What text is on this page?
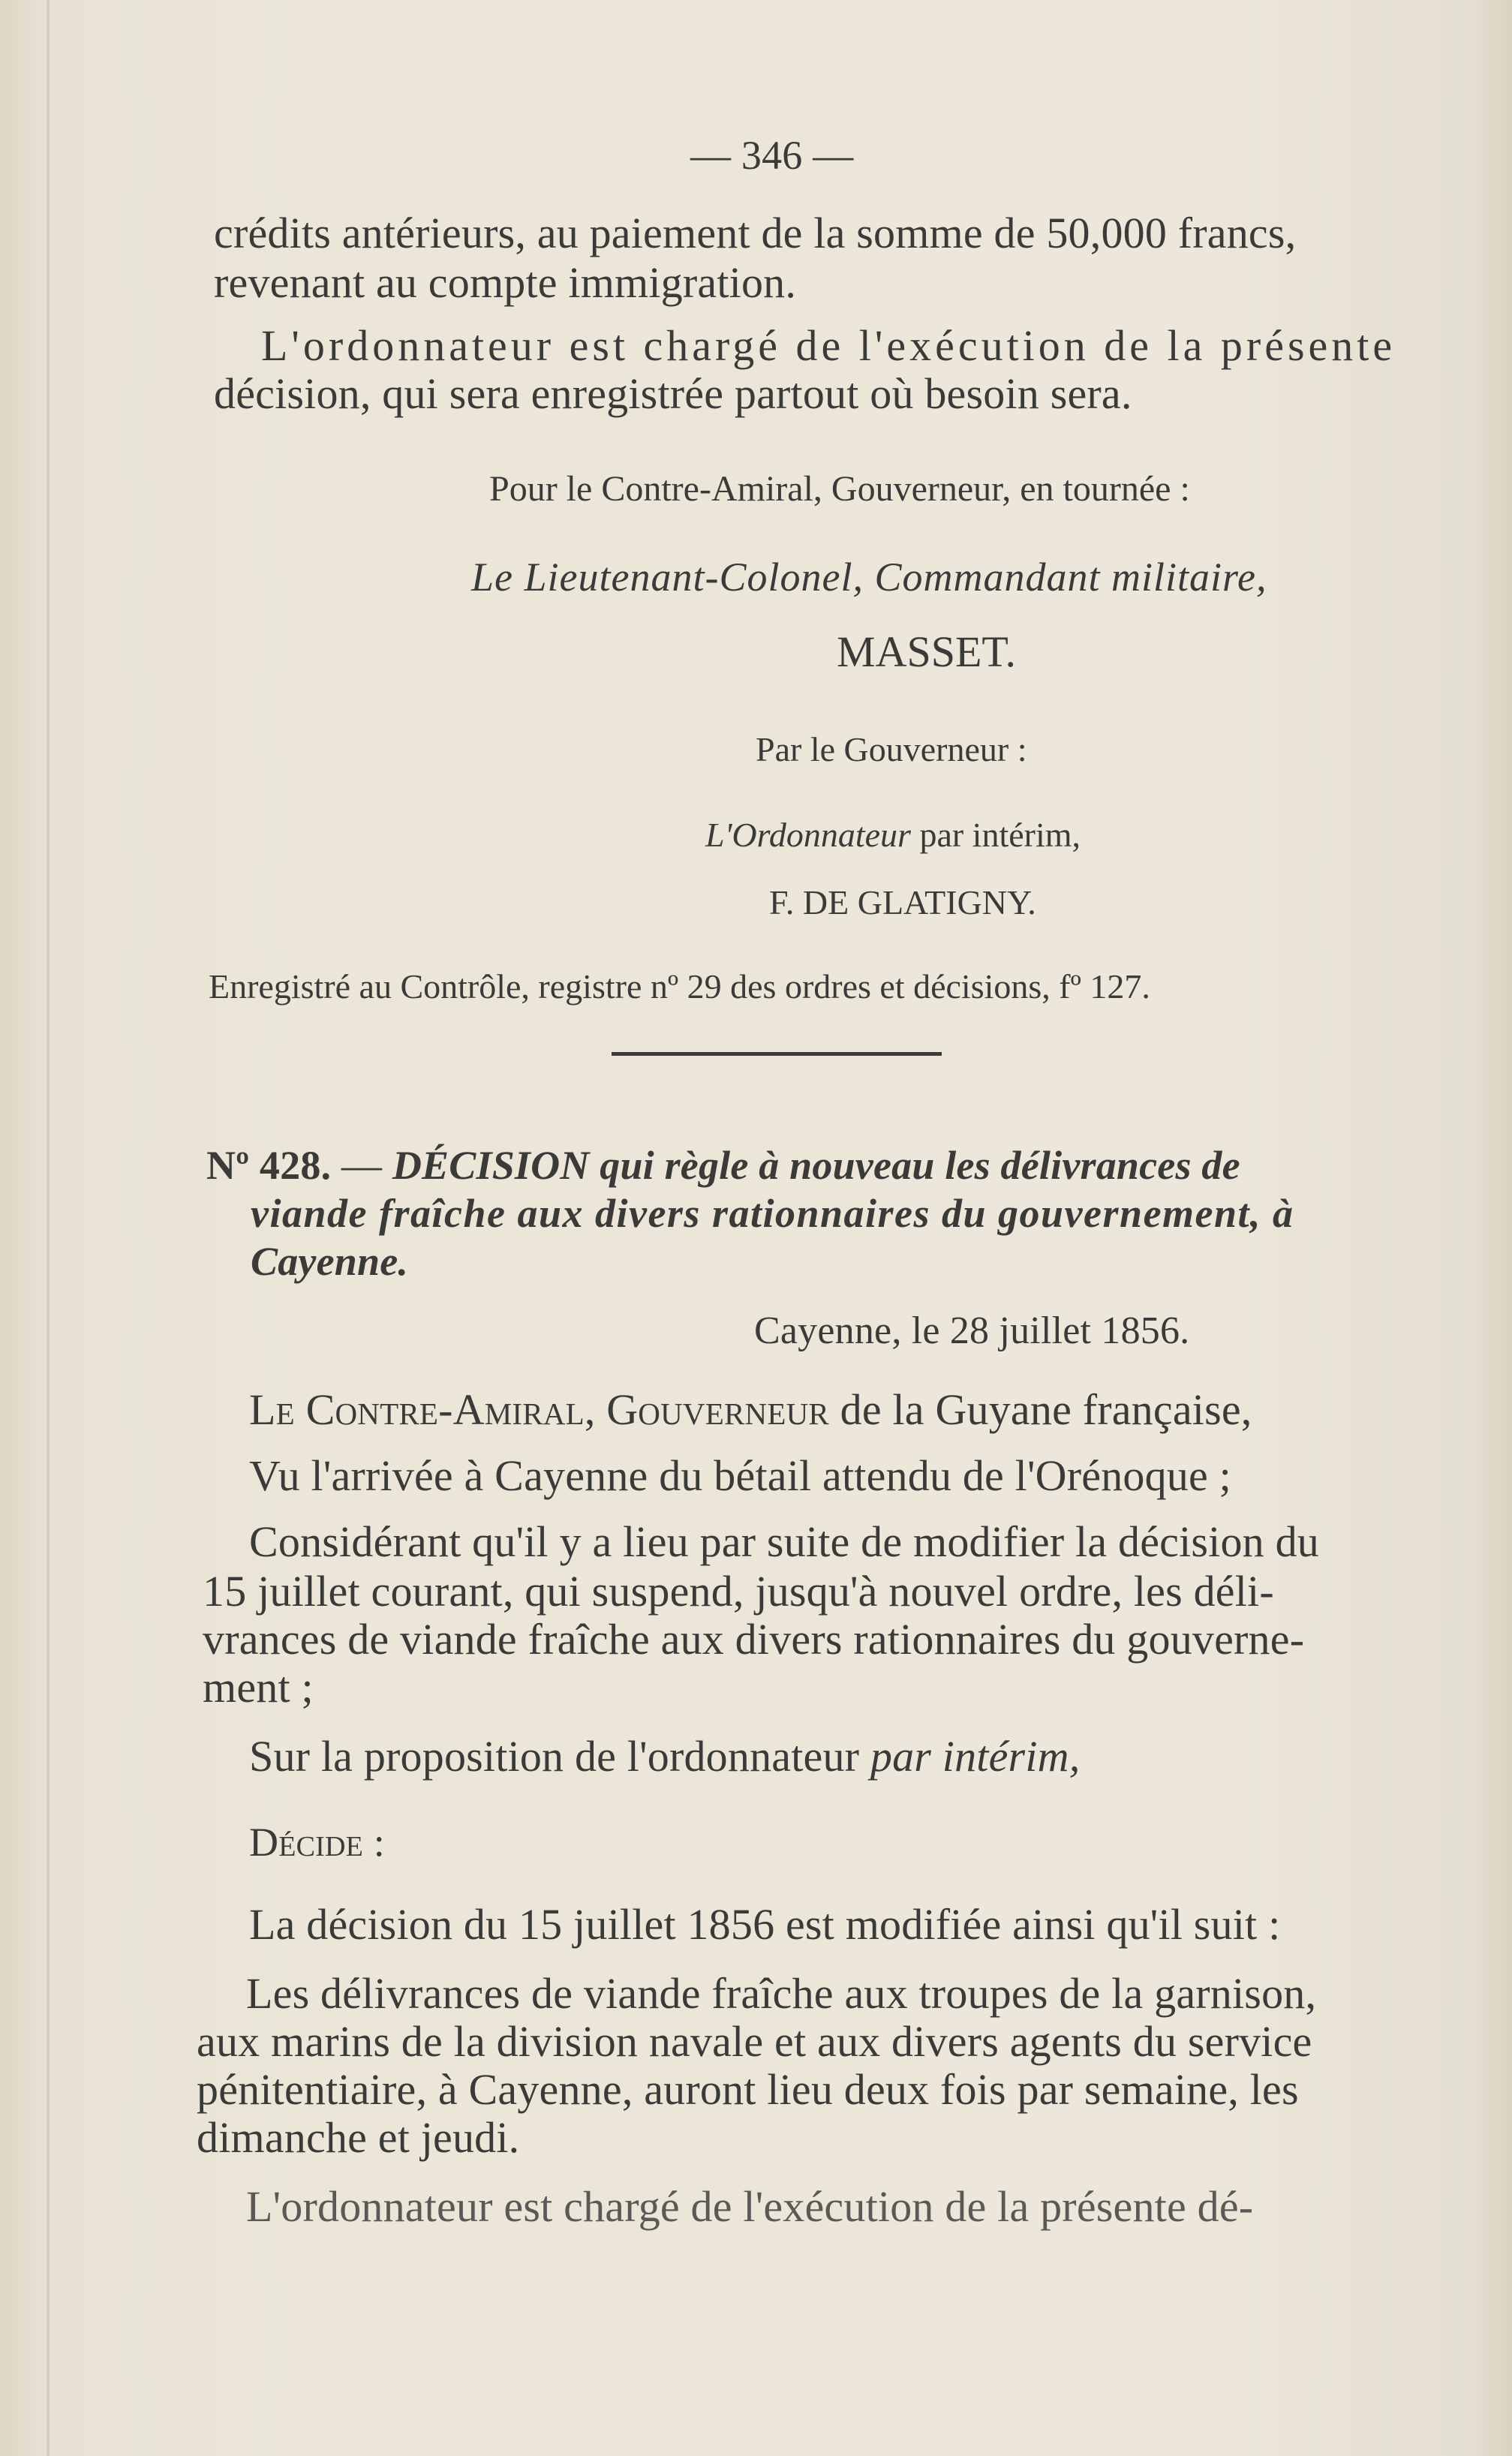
— 346 —
crédits antérieurs, au paiement de la somme de 50,000 francs,
revenant au compte immigration.
L'ordonnateur est chargé de l'exécution de la présente
décision, qui sera enregistrée partout où besoin sera.
Pour le Contre-Amiral, Gouverneur, en tournée :
Le Lieutenant-Colonel, Commandant militaire,
MASSET.
Par le Gouverneur :
L'Ordonnateur par intérim,
F. DE GLATIGNY.
Enregistré au Contrôle, registre nº 29 des ordres et décisions, fº 127.
Nº 428. — DÉCISION qui règle à nouveau les délivrances de
viande fraîche aux divers rationnaires du gouvernement, à
Cayenne.
Cayenne, le 28 juillet 1856.
Le Contre-Amiral, Gouverneur de la Guyane française,
Vu l'arrivée à Cayenne du bétail attendu de l'Orénoque ;
Considérant qu'il y a lieu par suite de modifier la décision du
15 juillet courant, qui suspend, jusqu'à nouvel ordre, les déli-
vrances de viande fraîche aux divers rationnaires du gouverne-
ment ;
Sur la proposition de l'ordonnateur par intérim,
Décide :
La décision du 15 juillet 1856 est modifiée ainsi qu'il suit :
Les délivrances de viande fraîche aux troupes de la garnison,
aux marins de la division navale et aux divers agents du service
pénitentiaire, à Cayenne, auront lieu deux fois par semaine, les
dimanche et jeudi.
L'ordonnateur est chargé de l'exécution de la présente dé-
